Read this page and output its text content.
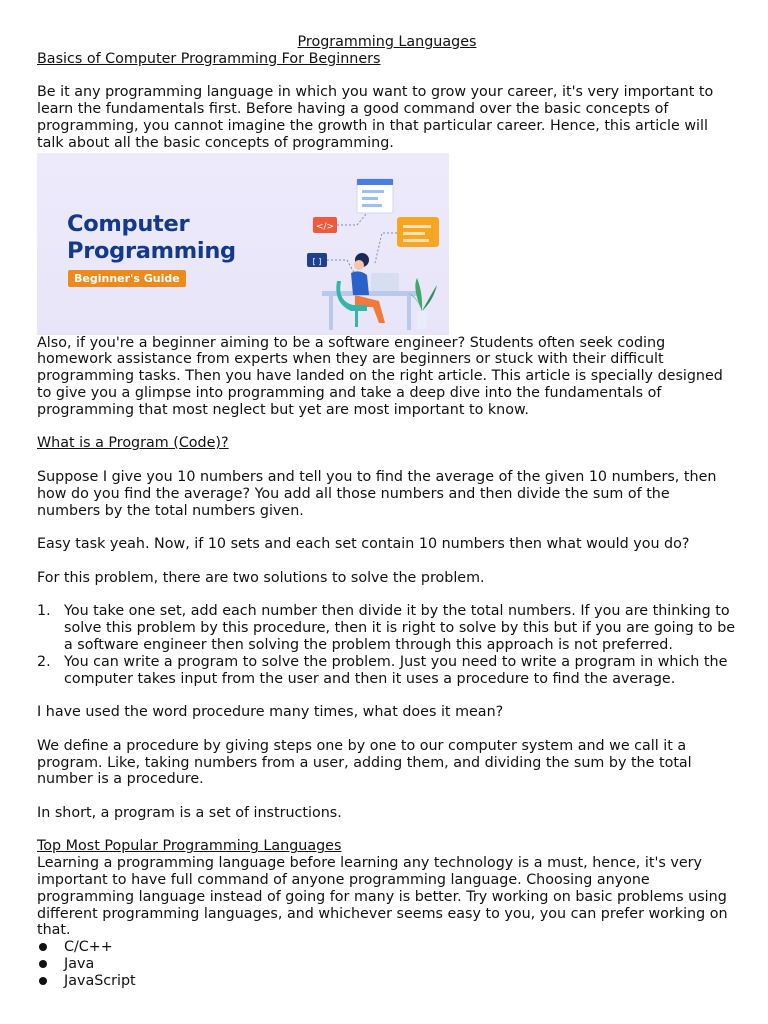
Programming Languages

Basics of Computer Programming For Beginners

Be it any programming language in which you want to grow your career, it's very important to learn the fundamentals first. Before having a good command over the basic concepts of programming, you cannot imagine the growth in that particular career. Hence, this article will talk about all the basic concepts of programming.

Computer
Programming
Beginner's Guide
</>
[ ]

Also, if you're a beginner aiming to be a software engineer? Students often seek coding homework assistance from experts when they are beginners or stuck with their difficult programming tasks. Then you have landed on the right article. This article is specially designed to give you a glimpse into programming and take a deep dive into the fundamentals of programming that most neglect but yet are most important to know.

What is a Program (Code)?

Suppose I give you 10 numbers and tell you to find the average of the given 10 numbers, then how do you find the average? You add all those numbers and then divide the sum of the numbers by the total numbers given.

Easy task yeah. Now, if 10 sets and each set contain 10 numbers then what would you do?

For this problem, there are two solutions to solve the problem.

1. You take one set, add each number then divide it by the total numbers. If you are thinking to solve this problem by this procedure, then it is right to solve by this but if you are going to be a software engineer then solving the problem through this approach is not preferred.
2. You can write a program to solve the problem. Just you need to write a program in which the computer takes input from the user and then it uses a procedure to find the average.

I have used the word procedure many times, what does it mean?

We define a procedure by giving steps one by one to our computer system and we call it a program. Like, taking numbers from a user, adding them, and dividing the sum by the total number is a procedure.

In short, a program is a set of instructions.

Top Most Popular Programming Languages

Learning a programming language before learning any technology is a must, hence, it's very important to have full command of anyone programming language. Choosing anyone programming language instead of going for many is better. Try working on basic problems using different programming languages, and whichever seems easy to you, you can prefer working on that.

C/C++
Java
JavaScript
